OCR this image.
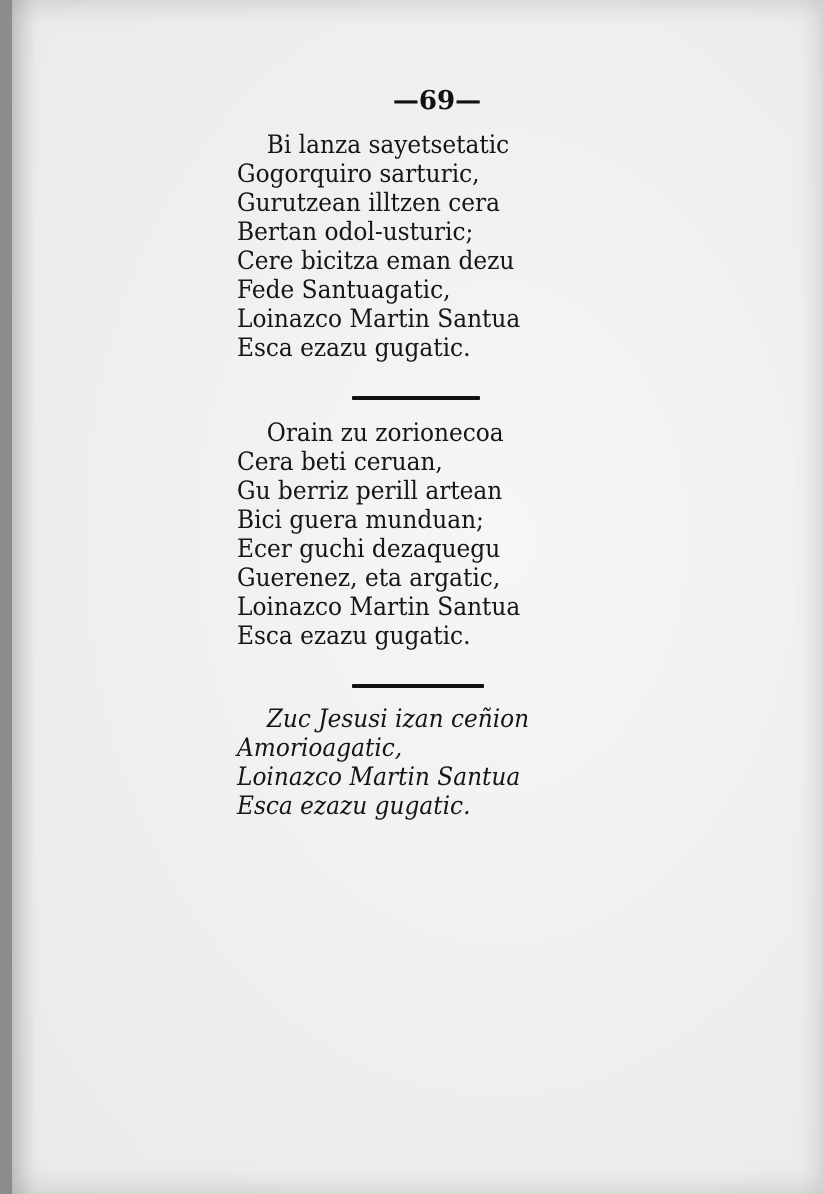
—69—
Bi lanza sayetsetatic
Gogorquiro sarturic,
Gurutzean illtzen cera
Bertan odol-usturic;
Cere bicitza eman dezu
Fede Santuagatic,
Loinazco Martin Santua
Esca ezazu gugatic.
Orain zu zorionecoa
Cera beti ceruan,
Gu berriz perill artean
Bici guera munduan;
Ecer guchi dezaquegu
Guerenez, eta argatic,
Loinazco Martin Santua
Esca ezazu gugatic.
Zuc Jesusi izan ceñion
Amorioagatic,
Loinazco Martin Santua
Esca ezazu gugatic.
